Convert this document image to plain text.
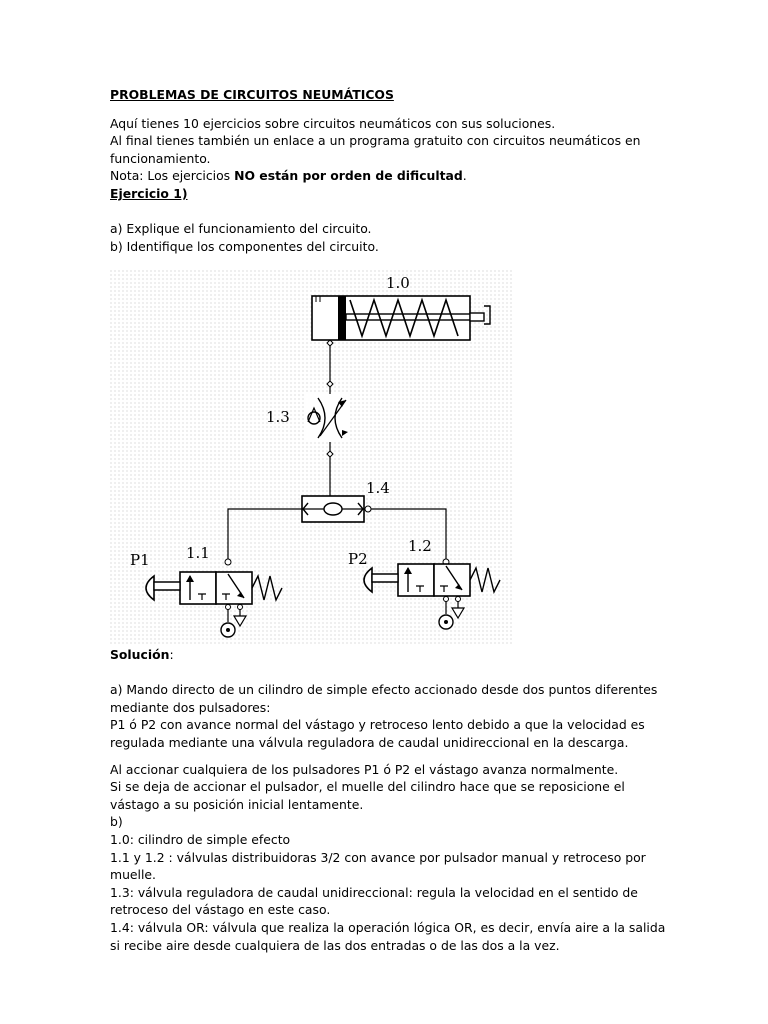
PROBLEMAS DE CIRCUITOS NEUMÁTICOS

Aquí tienes 10 ejercicios sobre circuitos neumáticos con sus soluciones.

Al final tienes también un enlace a un programa gratuito con circuitos neumáticos en funcionamiento.

Nota: Los ejercicios NO están por orden de dificultad.

Ejercicio 1)

a) Explique el funcionamiento del circuito.

b) Identifique los componentes del circuito.

1.0
1.3
1.4
P1 1.1	P2
1.2

Solución:

a) Mando directo de un cilindro de simple efecto accionado desde dos puntos diferentes mediante dos pulsadores:

P1 ó P2 con avance normal del vástago y retroceso lento debido a que la velocidad es regulada mediante una válvula reguladora de caudal unidireccional en la descarga.

Al accionar cualquiera de los pulsadores P1 ó P2 el vástago avanza normalmente.

Si se deja de accionar el pulsador, el muelle del cilindro hace que se reposicione el vástago a su posición inicial lentamente.

b)

1.0: cilindro de simple efecto

1.1 y 1.2 : válvulas distribuidoras 3/2 con avance por pulsador manual y retroceso por muelle.

1.3: válvula reguladora de caudal unidireccional: regula la velocidad en el sentido de retroceso del vástago en este caso.

1.4: válvula OR: válvula que realiza la operación lógica OR, es decir, envía aire a la salida si recibe aire desde cualquiera de las dos entradas o de las dos a la vez.
